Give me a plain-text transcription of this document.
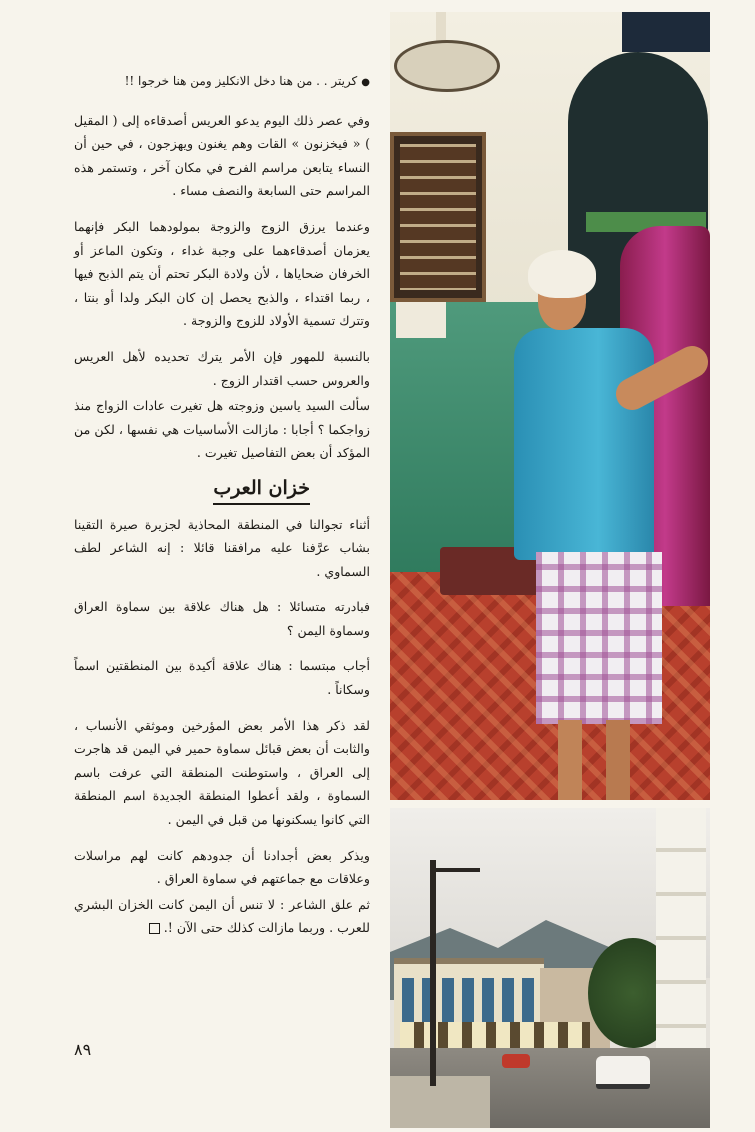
●كريتر . . من هنا دخل الانكليز ومن هنا خرجوا !!

وفي عصر ذلك اليوم يدعو العريس أصدقاءه إلى ( المقيل ) « فيخزنون » القات وهم يغنون ويهزجون ، في حين أن النساء يتابعن مراسم الفرح في مكان آخر ، وتستمر هذه المراسم حتى السابعة والنصف مساء .

وعندما يرزق الزوج والزوجة بمولودهما البكر فإنهما يعزمان أصدقاءهما على وجبة غداء ، وتكون الماعز أو الخرفان ضحاياها ، لأن ولادة البكر تحتم أن يتم الذبح فيها ، ربما اقتداء ، والذبح يحصل إن كان البكر ولدا أو بنتا ، وتترك تسمية الأولاد للزوج والزوجة .

بالنسبة للمهور فإن الأمر يترك تحديده لأهل العريس والعروس حسب اقتدار الزوج .

سألت السيد ياسين وزوجته هل تغيرت عادات الزواج منذ زواجكما ؟ أجابا : مازالت الأساسيات هي نفسها ، لكن من المؤكد أن بعض التفاصيل تغيرت .

خزان العرب

أثناء تجوالنا في المنطقة المحاذية لجزيرة صيرة التقينا بشاب عرَّفنا عليه مرافقنا قائلا : إنه الشاعر لطف السماوي .

فبادرته متسائلا : هل هناك علاقة بين سماوة العراق وسماوة اليمن ؟

أجاب مبتسما : هناك علاقة أكيدة بين المنطقتين اسماً وسكاناً .

لقد ذكر هذا الأمر بعض المؤرخين وموثقي الأنساب ، والثابت أن بعض قبائل سماوة حمير في اليمن قد هاجرت إلى العراق ، واستوطنت المنطقة التي عرفت باسم السماوة ، ولقد أعطوا المنطقة الجديدة اسم المنطقة التي كانوا يسكنونها من قبل في اليمن .

ويذكر بعض أجدادنا أن جدودهم كانت لهم مراسلات وعلاقات مع جماعتهم في سماوة العراق .

ثم علق الشاعر : لا تنس أن اليمن كانت الخزان البشري للعرب . وربما مازالت كذلك حتى الآن !.

٨٩
